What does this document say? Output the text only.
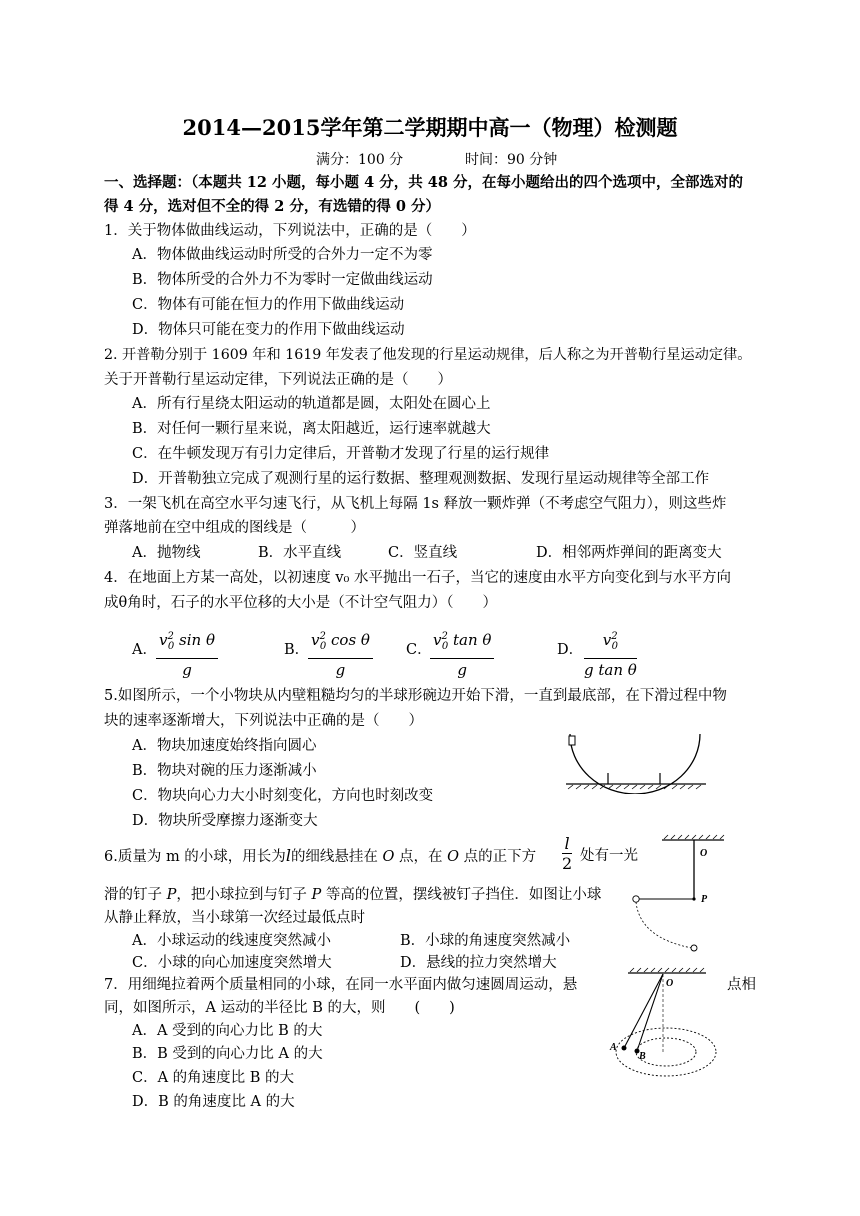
2014—2015学年第二学期期中高一（物理）检测题
满分：100 分	时间：90 分钟
一、选择题：（本题共 12 小题，每小题 4 分，共 48 分，在每小题给出的四个选项中，全部选对的
得 4 分，选对但不全的得 2 分，有选错的得 0 分）
1．关于物体做曲线运动，下列说法中，正确的是（　　）
A．物体做曲线运动时所受的合外力一定不为零
B．物体所受的合外力不为零时一定做曲线运动
C．物体有可能在恒力的作用下做曲线运动
D．物体只可能在变力的作用下做曲线运动
2. 开普勒分别于 1609 年和 1619 年发表了他发现的行星运动规律，后人称之为开普勒行星运动定律。
关于开普勒行星运动定律，下列说法正确的是（　　）
A．所有行星绕太阳运动的轨道都是圆，太阳处在圆心上
B．对任何一颗行星来说，离太阳越近，运行速率就越大
C．在牛顿发现万有引力定律后，开普勒才发现了行星的运行规律
D．开普勒独立完成了观测行星的运行数据、整理观测数据、发现行星运动规律等全部工作
3．一架飞机在高空水平匀速飞行，从飞机上每隔 1s 释放一颗炸弹（不考虑空气阻力），则这些炸
弹落地前在空中组成的图线是（　　　）
A．抛物线	B．水平直线	C．竖直线	D．相邻两炸弹间的距离变大
4．在地面上方某一高处，以初速度 v₀ 水平抛出一石子，当它的速度由水平方向变化到与水平方向
成θ角时，石子的水平位移的大小是（不计空气阻力）（　　）
A． $\frac{v^2_0 \sin \theta}{g}$	B．
$\frac{v^2_0 \cos \theta}{g}$ C．
$\frac{v^2_0 \tan \theta}{g}$	D． $\frac{v^2_0}{\text{g tan θ}}$
5.如图所示，一个小物块从内壁粗糙均匀的半球形碗边开始下滑，一直到最底部，在下滑过程中物
块的速率逐渐增大，下列说法中正确的是（　　）
A．物块加速度始终指向圆心
B．物块对碗的压力逐渐减小
C．物块向心力大小时刻变化，方向也时刻改变
D．物块所受摩擦力逐渐变大
6.质量为 m 的小球，用长为l的细线悬挂在 O 点，在 O 点的正下方 $\frac{l}{2}$ 处有一光
滑的钉子 P，把小球拉到与钉子 P 等高的位置，摆线被钉子挡住．如图让小球
从静止释放，当小球第一次经过最低点时
A．小球运动的线速度突然减小	B．小球的角速度突然减小
C．小球的向心加速度突然增大	D．悬线的拉力突然增大
O
P
7．用细绳拉着两个质量相同的小球，在同一水平面内做匀速圆周运动，悬	点相
同，如图所示，A 运动的半径比 B 的大，则　　(　　)
A．A 受到的向心力比 B 的大
B．B 受到的向心力比 A 的大
C．A 的角速度比 B 的大
D．B 的角速度比 A 的大
O
A
B
